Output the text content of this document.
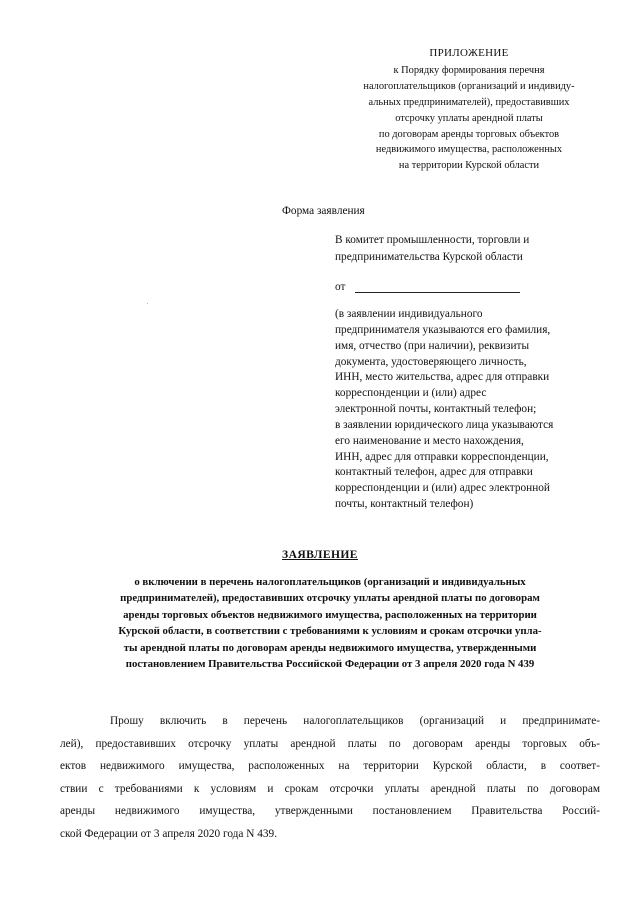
ПРИЛОЖЕНИЕ
к Порядку формирования перечня
налогоплательщиков (организаций и индивиду-
альных предпринимателей), предоставивших
отсрочку уплаты арендной платы
по договорам аренды торговых объектов
недвижимого имущества, расположенных
на территории Курской области
Форма заявления
В комитет промышленности, торговли и
предпринимательства Курской области
от
(в заявлении индивидуального
предпринимателя указываются его фамилия,
имя, отчество (при наличии), реквизиты
документа, удостоверяющего личность,
ИНН, место жительства, адрес для отправки
корреспонденции и (или) адрес
электронной почты, контактный телефон;
в заявлении юридического лица указываются
его наименование и место нахождения,
ИНН, адрес для отправки корреспонденции,
контактный телефон, адрес для отправки
корреспонденции и (или) адрес электронной
почты, контактный телефон)
ЗАЯВЛЕНИЕ
о включении в перечень налогоплательщиков (организаций и индивидуальных
предпринимателей), предоставивших отсрочку уплаты арендной платы по договорам
аренды торговых объектов недвижимого имущества, расположенных на территории
Курской области, в соответствии с требованиями к условиям и срокам отсрочки упла-
ты арендной платы по договорам аренды недвижимого имущества, утвержденными
постановлением Правительства Российской Федерации от 3 апреля 2020 года N 439
Прошу включить в перечень налогоплательщиков (организаций и предпринимате-
лей), предоставивших отсрочку уплаты арендной платы по договорам аренды торговых объ-
ектов недвижимого имущества, расположенных на территории Курской области, в соответ-
ствии с требованиями к условиям и срокам отсрочки уплаты арендной платы по договорам
аренды недвижимого имущества, утвержденными постановлением Правительства Россий-
ской Федерации от 3 апреля 2020 года N 439.
